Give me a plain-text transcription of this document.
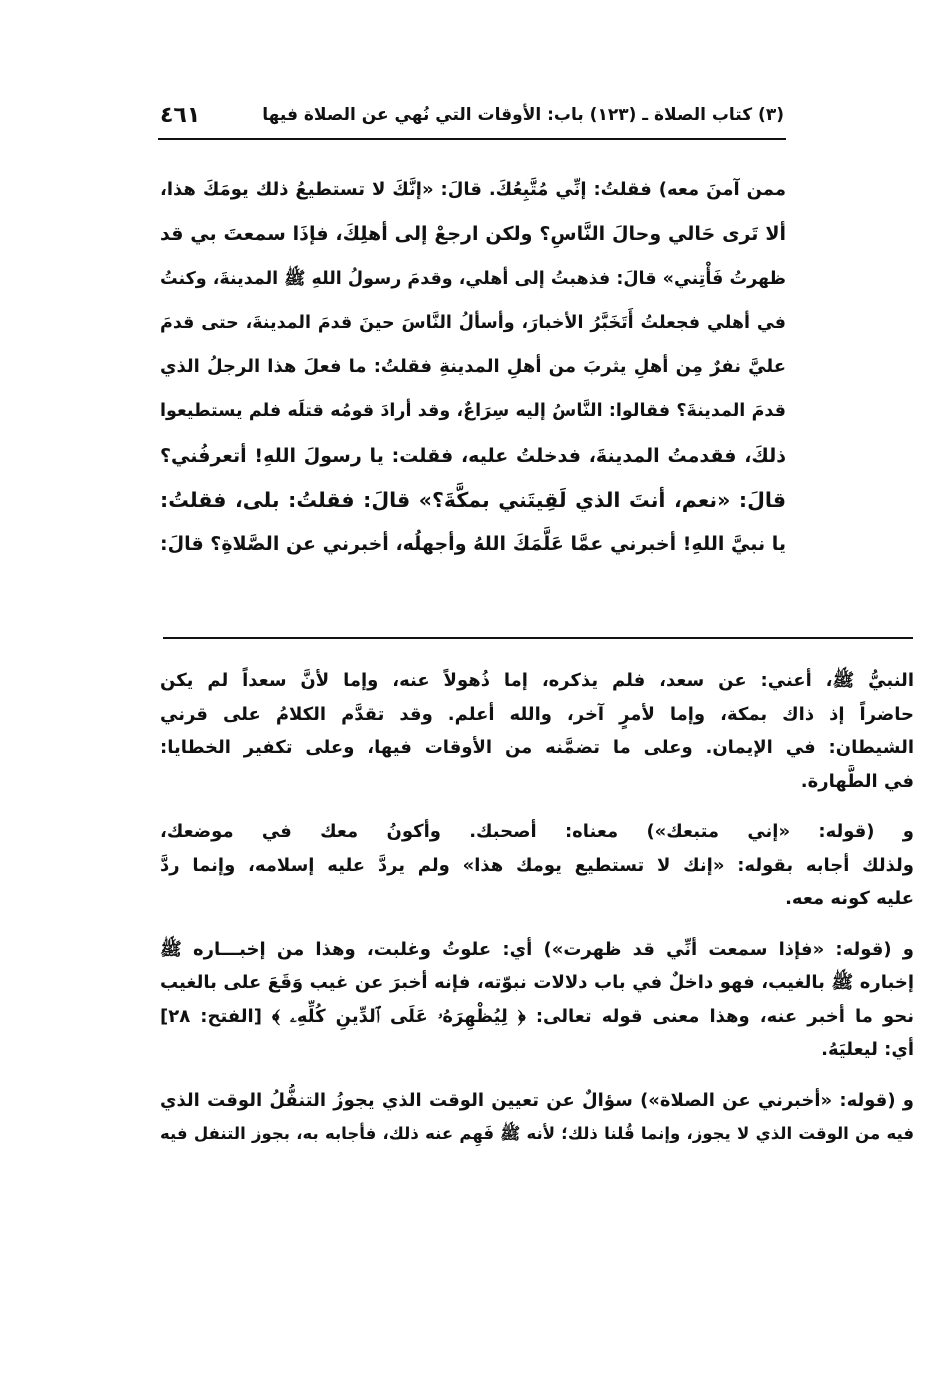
(٣) كتاب الصلاة ـ (١٢٣) باب: الأوقات التي نُهي عن الصلاة فيها
٤٦١
ممن آمنَ معه) فقلتُ: إنِّي مُتَّبِعُكَ. قالَ: «إنَّكَ لا تستطيعُ ذلك يومَكَ هذا،
ألا تَرى حَالي وحالَ النَّاسِ؟ ولكن ارجعْ إلى أهلِكَ، فإذَا سمعتَ بي قد
ظهرتُ فَأْتِني» قالَ: فذهبتُ إلى أهلي، وقدمَ رسولُ اللهِ ﷺ المدينةَ، وكنتُ
في أهلي فجعلتُ أَتَخَبَّرُ الأخبارَ، وأسألُ النَّاسَ حينَ قدمَ المدينةَ، حتى قدمَ
عليَّ نفرٌ مِن أهلِ يثربَ من أهلِ المدينةِ فقلتُ: ما فعلَ هذا الرجلُ الذي
قدمَ المدينةَ؟ فقالوا: النَّاسُ إليه سِرَاعٌ، وقد أرادَ قومُه قتلَه فلم يستطيعوا
ذلكَ، فقدمتُ المدينةَ، فدخلتُ عليه، فقلت: يا رسولَ اللهِ! أتعرفُني؟
قالَ: «نعم، أنتَ الذي لَقِيتَني بمكَّةَ؟» قالَ: فقلتُ: بلى، فقلتُ:
يا نبيَّ اللهِ! أخبرني عمَّا عَلَّمَكَ اللهُ وأجهلُه، أخبرني عن الصَّلاةِ؟ قالَ:
النبيُّ ﷺ، أعني: عن سعد، فلم يذكره، إما ذُهولاً عنه، وإما لأنَّ سعداً لم يكن
حاضراً إذ ذاك بمكة، وإما لأمرٍ آخر، والله أعلم. وقد تقدَّم الكلامُ على قرني
الشيطان: في الإيمان. وعلى ما تضمَّنه من الأوقات فيها، وعلى تكفير الخطايا:
في الطَّهارة.
و (قوله: «إني متبعك») معناه: أصحبك. وأكونُ معك في موضعك،
ولذلك أجابه بقوله: «إنك لا تستطيع يومك هذا» ولم يردَّ عليه إسلامه، وإنما ردَّ
عليه كونه معه.
و (قوله: «فإذا سمعت أنِّي قد ظهرت») أي: علوتُ وغلبت، وهذا من إخبـــاره ﷺ
إخباره ﷺ بالغيب، فهو داخلٌ في باب دلالات نبوّته، فإنه أخبرَ عن غيب وَقَعَ على بالغيب
نحو ما أخبر عنه، وهذا معنى قوله تعالى: ﴿ لِيُظْهِرَهُۥ عَلَى ٱلدِّينِ كُلِّهِۦ ﴾ [الفتح: ٢٨]
أي: ليعليَهُ.
و (قوله: «أخبرني عن الصلاة») سؤالٌ عن تعيين الوقت الذي يجوزُ التنفُّلُ الوقت الذي
فيه من الوقت الذي لا يجوز، وإنما قُلنا ذلك؛ لأنه ﷺ فَهِم عنه ذلك، فأجابه به، بجوز التنفل فيه
